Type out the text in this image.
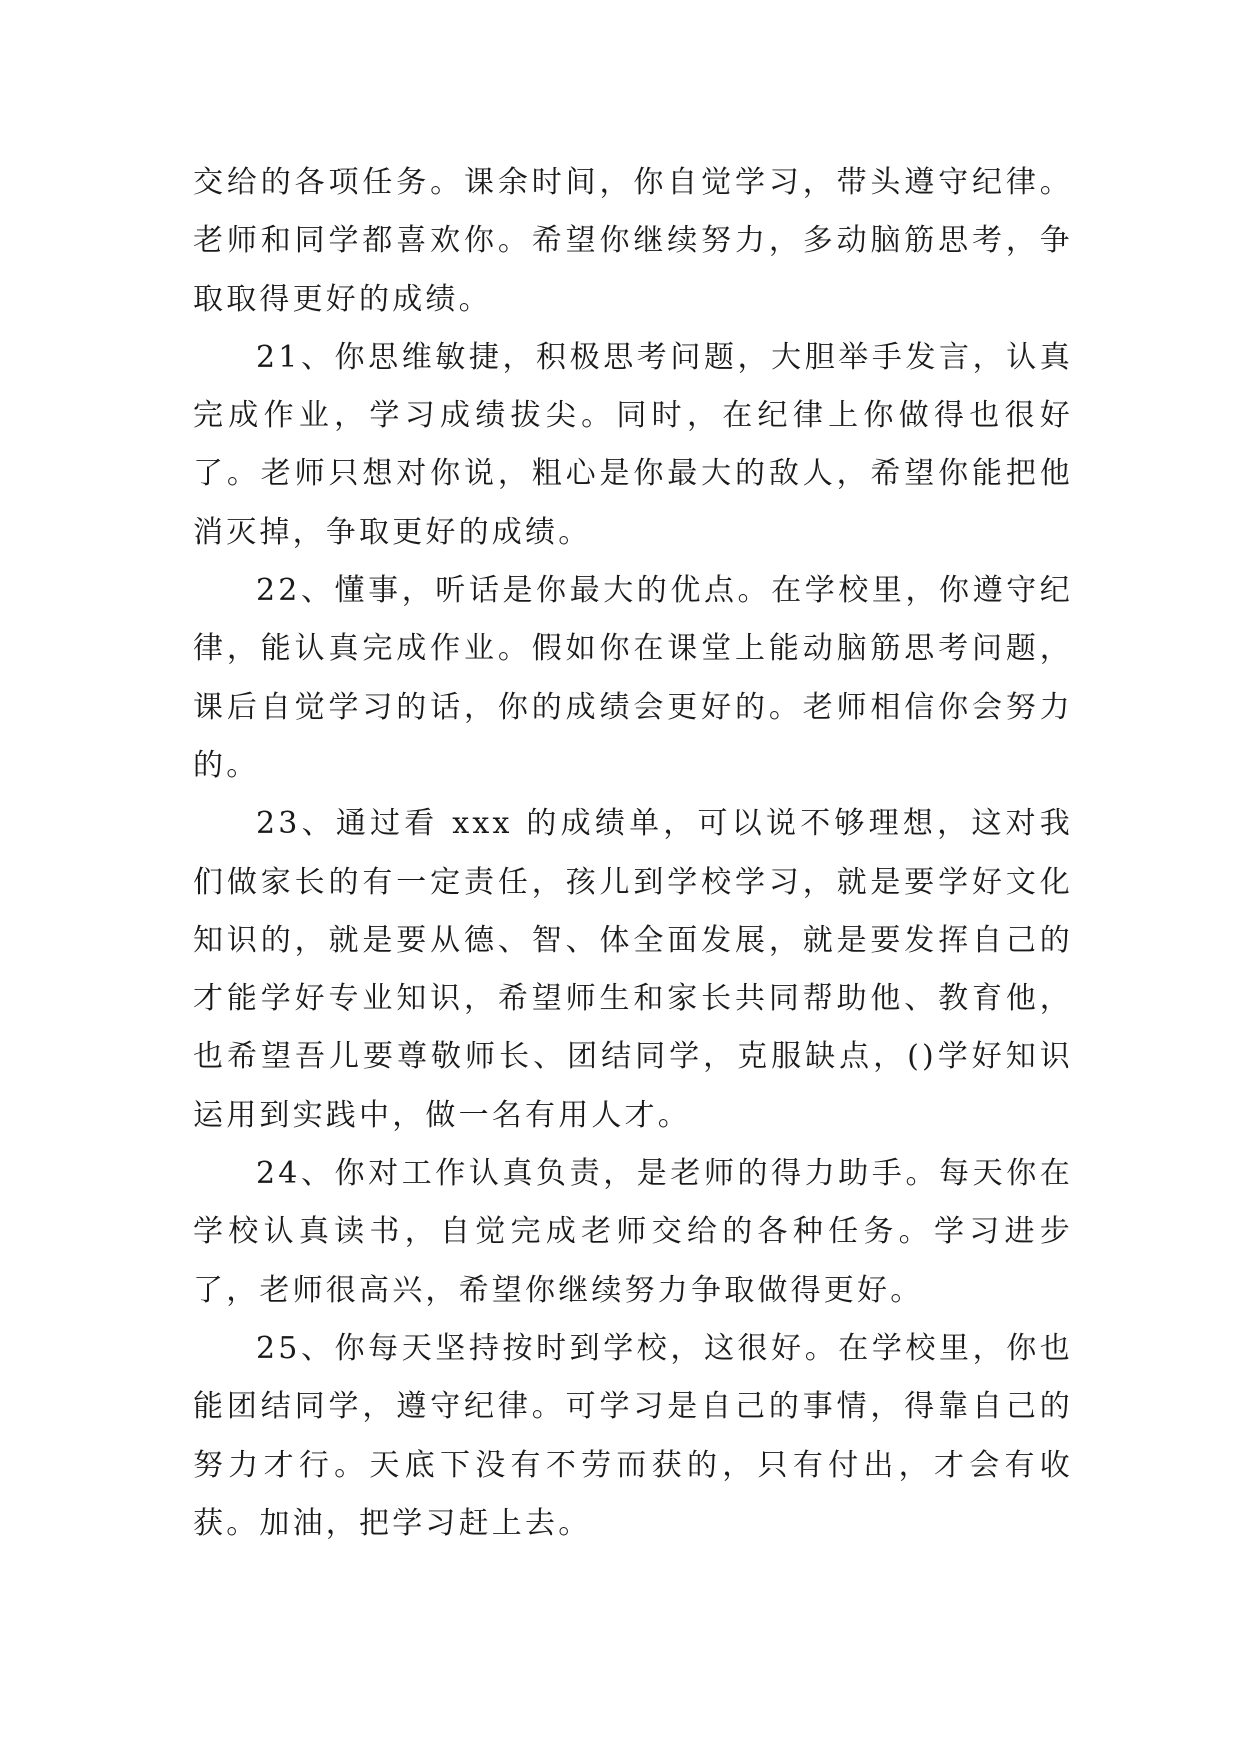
交给的各项任务。课余时间，你自觉学习，带头遵守纪律。老师和同学都喜欢你。希望你继续努力，多动脑筋思考，争取取得更好的成绩。

21、你思维敏捷，积极思考问题，大胆举手发言，认真完成作业，学习成绩拔尖。同时，在纪律上你做得也很好了。老师只想对你说，粗心是你最大的敌人，希望你能把他消灭掉，争取更好的成绩。

22、懂事，听话是你最大的优点。在学校里，你遵守纪律，能认真完成作业。假如你在课堂上能动脑筋思考问题，课后自觉学习的话，你的成绩会更好的。老师相信你会努力的。

23、通过看 xxx 的成绩单，可以说不够理想，这对我们做家长的有一定责任，孩儿到学校学习，就是要学好文化知识的，就是要从德、智、体全面发展，就是要发挥自己的才能学好专业知识，希望师生和家长共同帮助他、教育他，也希望吾儿要尊敬师长、团结同学，克服缺点，()学好知识运用到实践中，做一名有用人才。

24、你对工作认真负责，是老师的得力助手。每天你在学校认真读书，自觉完成老师交给的各种任务。学习进步了，老师很高兴，希望你继续努力争取做得更好。

25、你每天坚持按时到学校，这很好。在学校里，你也能团结同学，遵守纪律。可学习是自己的事情，得靠自己的努力才行。天底下没有不劳而获的，只有付出，才会有收获。加油，把学习赶上去。
